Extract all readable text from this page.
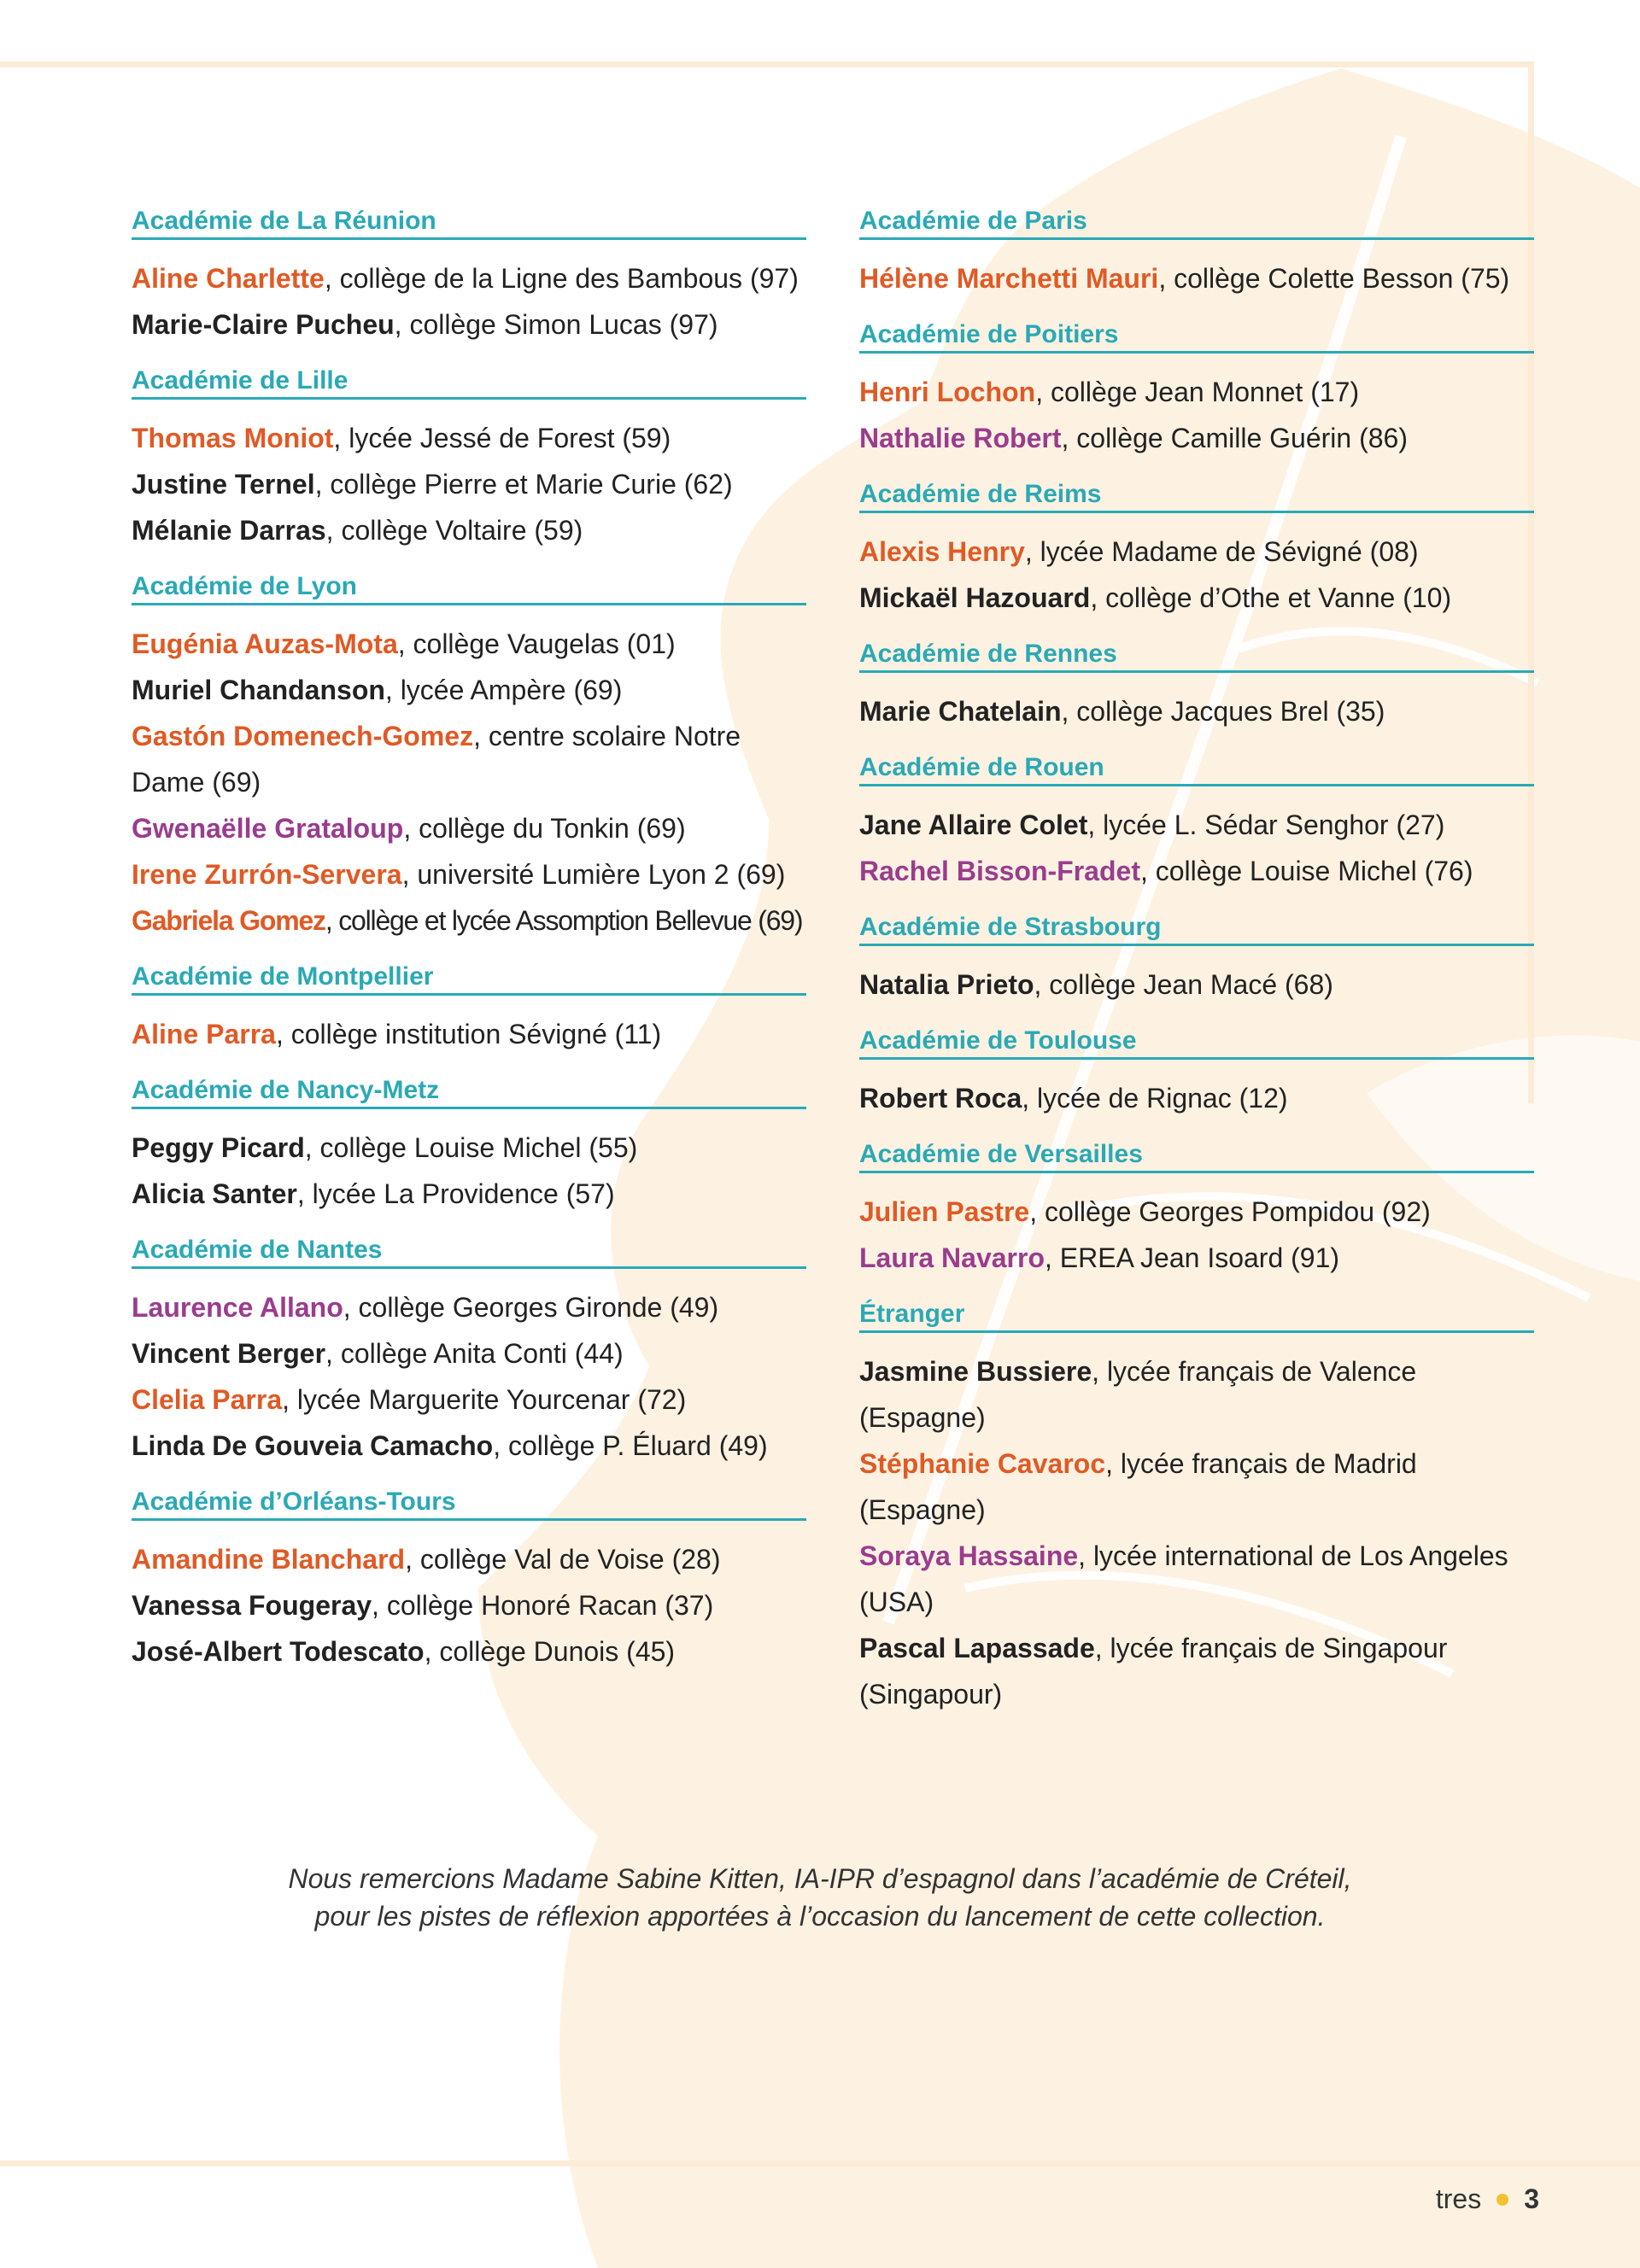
Académie de La Réunion
Aline Charlette, collège de la Ligne des Bambous (97)
Marie-Claire Pucheu, collège Simon Lucas (97)
Académie de Lille
Thomas Moniot, lycée Jessé de Forest (59)
Justine Ternel, collège Pierre et Marie Curie (62)
Mélanie Darras, collège Voltaire (59)
Académie de Lyon
Eugénia Auzas-Mota, collège Vaugelas (01)
Muriel Chandanson, lycée Ampère (69)
Gastón Domenech-Gomez, centre scolaire Notre Dame (69)
Gwenaëlle Grataloup, collège du Tonkin (69)
Irene Zurrón-Servera, université Lumière Lyon 2 (69)
Gabriela Gomez, collège et lycée Assomption Bellevue (69)
Académie de Montpellier
Aline Parra, collège institution Sévigné (11)
Académie de Nancy-Metz
Peggy Picard, collège Louise Michel (55)
Alicia Santer, lycée La Providence (57)
Académie de Nantes
Laurence Allano, collège Georges Gironde (49)
Vincent Berger, collège Anita Conti (44)
Clelia Parra, lycée Marguerite Yourcenar (72)
Linda De Gouveia Camacho, collège P. Éluard (49)
Académie d’Orléans-Tours
Amandine Blanchard, collège Val de Voise (28)
Vanessa Fougeray, collège Honoré Racan (37)
José-Albert Todescato, collège Dunois (45)
Académie de Paris
Hélène Marchetti Mauri, collège Colette Besson (75)
Académie de Poitiers
Henri Lochon, collège Jean Monnet (17)
Nathalie Robert, collège Camille Guérin (86)
Académie de Reims
Alexis Henry, lycée Madame de Sévigné (08)
Mickaël Hazouard, collège d’Othe et Vanne (10)
Académie de Rennes
Marie Chatelain, collège Jacques Brel (35)
Académie de Rouen
Jane Allaire Colet, lycée L. Sédar Senghor (27)
Rachel Bisson-Fradet, collège Louise Michel (76)
Académie de Strasbourg
Natalia Prieto, collège Jean Macé (68)
Académie de Toulouse
Robert Roca, lycée de Rignac (12)
Académie de Versailles
Julien Pastre, collège Georges Pompidou (92)
Laura Navarro, EREA Jean Isoard (91)
Étranger
Jasmine Bussiere, lycée français de Valence (Espagne)
Stéphanie Cavaroc, lycée français de Madrid (Espagne)
Soraya Hassaine, lycée international de Los Angeles (USA)
Pascal Lapassade, lycée français de Singapour (Singapour)
Nous remercions Madame Sabine Kitten, IA-IPR d’espagnol dans l’académie de Créteil,
pour les pistes de réflexion apportées à l’occasion du lancement de cette collection.
tres 3
